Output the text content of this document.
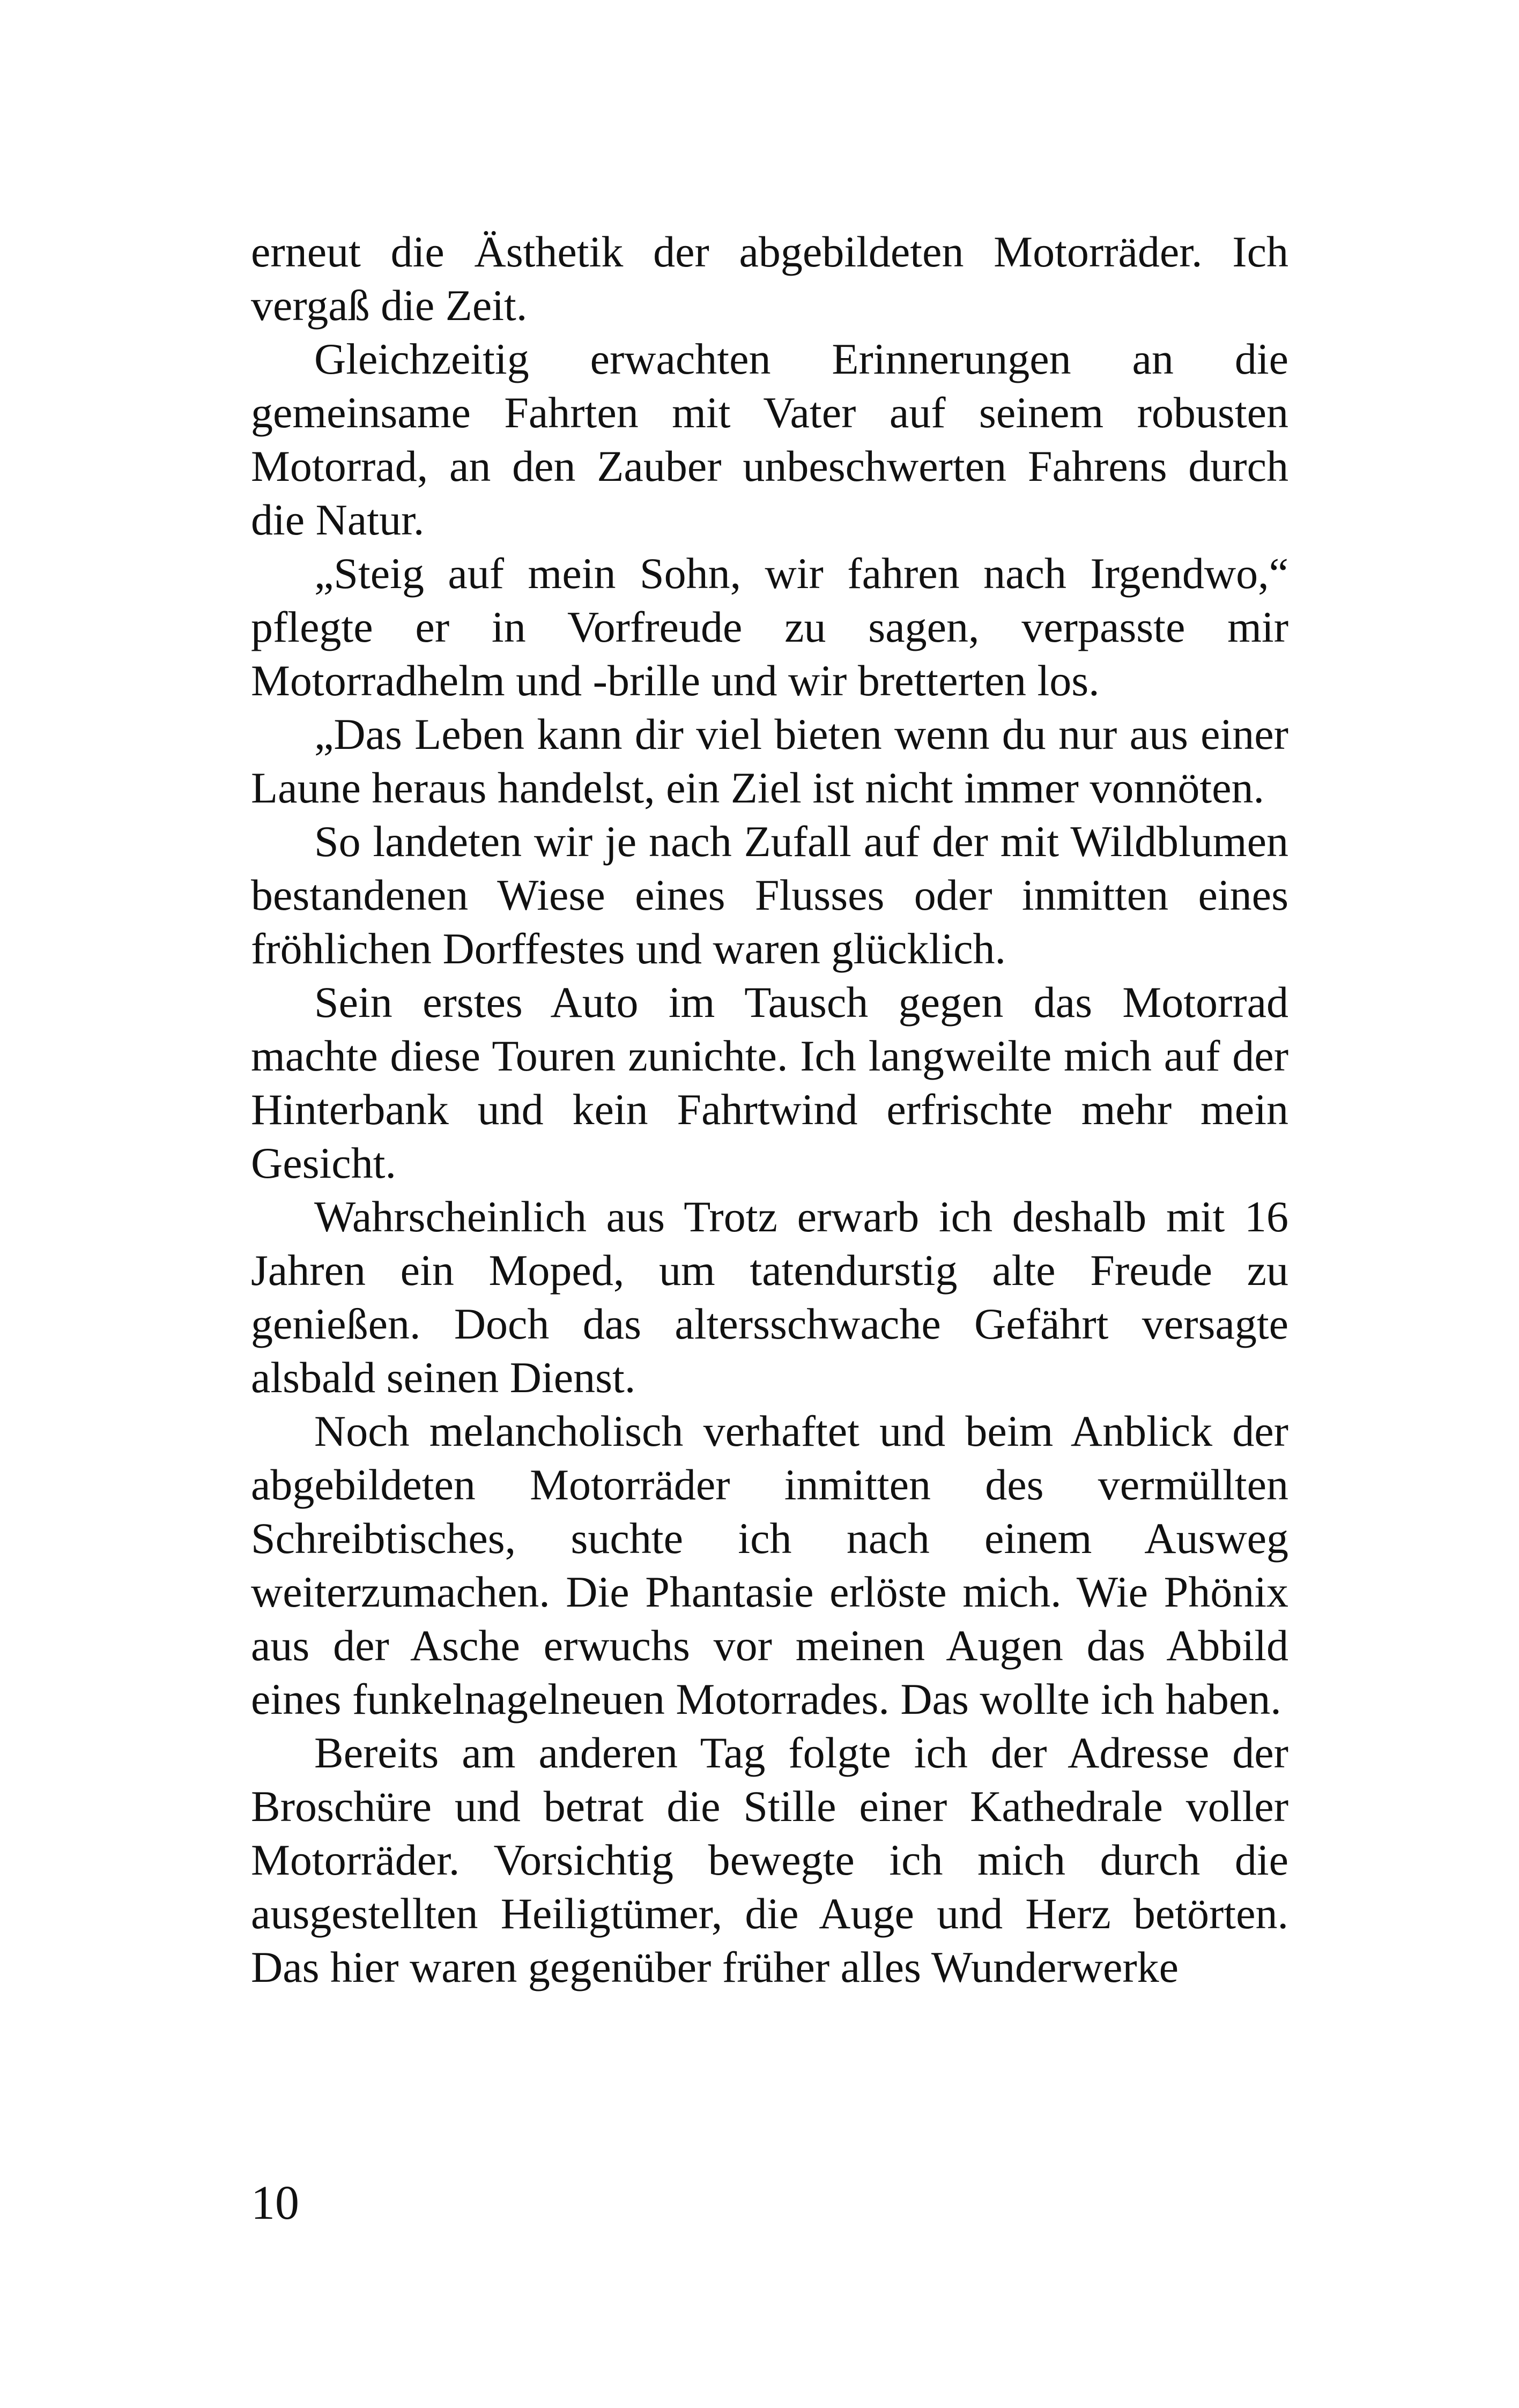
erneut die Ästhetik der abgebildeten Motorräder. Ich vergaß die Zeit.

Gleichzeitig erwachten Erinnerungen an die gemeinsame Fahrten mit Vater auf seinem robusten Motorrad, an den Zauber unbeschwerten Fahrens durch die Natur.

„Steig auf mein Sohn, wir fahren nach Irgendwo,“ pflegte er in Vorfreude zu sagen, verpasste mir Motorradhelm und -brille und wir bretterten los.

„Das Leben kann dir viel bieten wenn du nur aus einer Laune heraus handelst, ein Ziel ist nicht immer vonnöten.

So landeten wir je nach Zufall auf der mit Wildblumen bestandenen Wiese eines Flusses oder inmitten eines fröhlichen Dorffestes und waren glücklich.

Sein erstes Auto im Tausch gegen das Motorrad machte diese Touren zunichte. Ich langweilte mich auf der Hinterbank und kein Fahrtwind erfrischte mehr mein Gesicht.

Wahrscheinlich aus Trotz erwarb ich deshalb mit 16 Jahren ein Moped, um tatendurstig alte Freude zu genießen. Doch das altersschwache Gefährt versagte alsbald seinen Dienst.

Noch melancholisch verhaftet und beim Anblick der abgebildeten Motorräder inmitten des vermüllten Schreibtisches, suchte ich nach einem Ausweg weiterzumachen. Die Phantasie erlöste mich. Wie Phönix aus der Asche erwuchs vor meinen Augen das Abbild eines funkelnagelneuen Motorrades. Das wollte ich haben.

Bereits am anderen Tag folgte ich der Adresse der Broschüre und betrat die Stille einer Kathedrale voller Motorräder. Vorsichtig bewegte ich mich durch die ausgestellten Heiligtümer, die Auge und Herz betörten. Das hier waren gegenüber früher alles Wunderwerke

10
